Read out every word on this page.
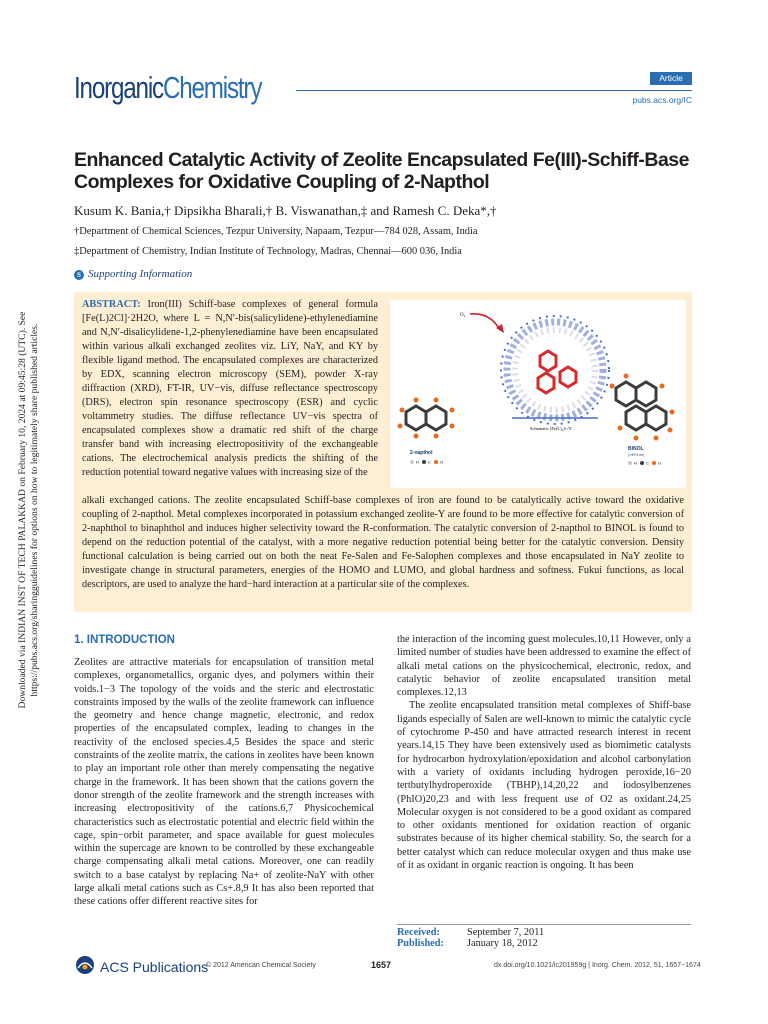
InorganicChemistry	Article
pubs.acs.org/IC
Enhanced Catalytic Activity of Zeolite Encapsulated Fe(III)-Schiff-Base Complexes for Oxidative Coupling of 2-Napthol
Kusum K. Bania,† Dipsikha Bharali,† B. Viswanathan,‡ and Ramesh C. Deka*,†
†Department of Chemical Sciences, Tezpur University, Napaam, Tezpur—784 028, Assam, India
‡Department of Chemistry, Indian Institute of Technology, Madras, Chennai—600 036, India
S Supporting Information
Downloaded via INDIAN INST OF TECH PALAKKAD on February 10, 2024 at 09:45:28 (UTC). See https://pubs.acs.org/sharingguidelines for options on how to legitimately share published articles.
ABSTRACT: Iron(III) Schiff-base complexes of general formula [Fe(L)2Cl]·2H2O, where L = N,N′-bis(salicylidene)-ethylenediamine and N,N′-disalicylidene-1,2-phenylenediamine have been encapsulated within various alkali exchanged zeolites viz. LiY, NaY, and KY by flexible ligand method. The encapsulated complexes are characterized by EDX, scanning electron microscopy (SEM), powder X-ray diffraction (XRD), FT-IR, UV−vis, diffuse reflectance spectroscopy (DRS), electron spin resonance spectroscopy (ESR) and cyclic voltammetry studies. The diffuse reflectance UV−vis spectra of encapsulated complexes show a dramatic red shift of the charge transfer band with increasing electropositivity of the exchangeable cations. The electrochemical analysis predicts the shifting of the reduction potential toward negative values with increasing size of the
alkali exchanged cations. The zeolite encapsulated Schiff-base complexes of iron are found to be catalytically active toward the oxidative coupling of 2-napthol. Metal complexes incorporated in potassium exchanged zeolite-Y are found to be more effective for catalytic conversion of 2-naphthol to binaphthol and induces higher selectivity toward the R-conformation. The catalytic conversion of 2-napthol to BINOL is found to depend on the reduction potential of the catalyst, with a more negative reduction potential being better for the catalytic conversion. Density functional calculation is being carried out on both the neat Fe-Salen and Fe-Salophen complexes and those encapsulated in NaY zeolite to investigate change in structural parameters, energies of the HOMO and LUMO, and global hardness and softness. Fukui functions, as local descriptors, are used to analyze the hard−hard interaction at a particular site of the complexes.
O₂
Schematic [Fe(L)₂]+/Y
2-napthol
H C O
BINOL
(>99% ee)
H C O
1. INTRODUCTION

Zeolites are attractive materials for encapsulation of transition metal complexes, organometallics, organic dyes, and polymers within their voids.1−3 The topology of the voids and the steric and electrostatic constraints imposed by the walls of the zeolite framework can influence the geometry and hence change magnetic, electronic, and redox properties of the encapsulated complex, leading to changes in the reactivity of the enclosed species.4,5 Besides the space and steric constraints of the zeolite matrix, the cations in zeolites have been known to play an important role other than merely compensating the negative charge in the framework. It has been shown that the cations govern the donor strength of the zeolite framework and the strength increases with increasing electropositivity of the cations.6,7 Physicochemical characteristics such as electrostatic potential and electric field within the cage, spin−orbit parameter, and space available for guest molecules within the supercage are known to be controlled by these exchangeable charge compensating alkali metal cations. Moreover, one can readily switch to a base catalyst by replacing Na+ of zeolite-NaY with other large alkali metal cations such as Cs+.8,9 It has also been reported that these cations offer different reactive sites for

the interaction of the incoming guest molecules.10,11 However, only a limited number of studies have been addressed to examine the effect of alkali metal cations on the physicochemical, electronic, redox, and catalytic behavior of zeolite encapsulated transition metal complexes.12,13

The zeolite encapsulated transition metal complexes of Shiff-base ligands especially of Salen are well-known to mimic the catalytic cycle of cytochrome P-450 and have attracted research interest in recent years.14,15 They have been extensively used as biomimetic catalysts for hydrocarbon hydroxylation/epoxidation and alcohol carbonylation with a variety of oxidants including hydrogen peroxide,16−20 tertbutylhydroperoxide (TBHP),14,20,22 and iodosylbenzenes (PhIO)20,23 and with less frequent use of O2 as oxidant.24,25 Molecular oxygen is not considered to be a good oxidant as compared to other oxidants mentioned for oxidation reaction of organic substrates because of its higher chemical stability. So, the search for a better catalyst which can reduce molecular oxygen and thus make use of it as oxidant in organic reaction is ongoing. It has been

Received:	September 7, 2011
Published: January 18, 2012
ACS Publications
© 2012 American Chemical Society	1657	dx.doi.org/10.1021/ic201959g | Inorg. Chem. 2012, 51, 1657−1674
